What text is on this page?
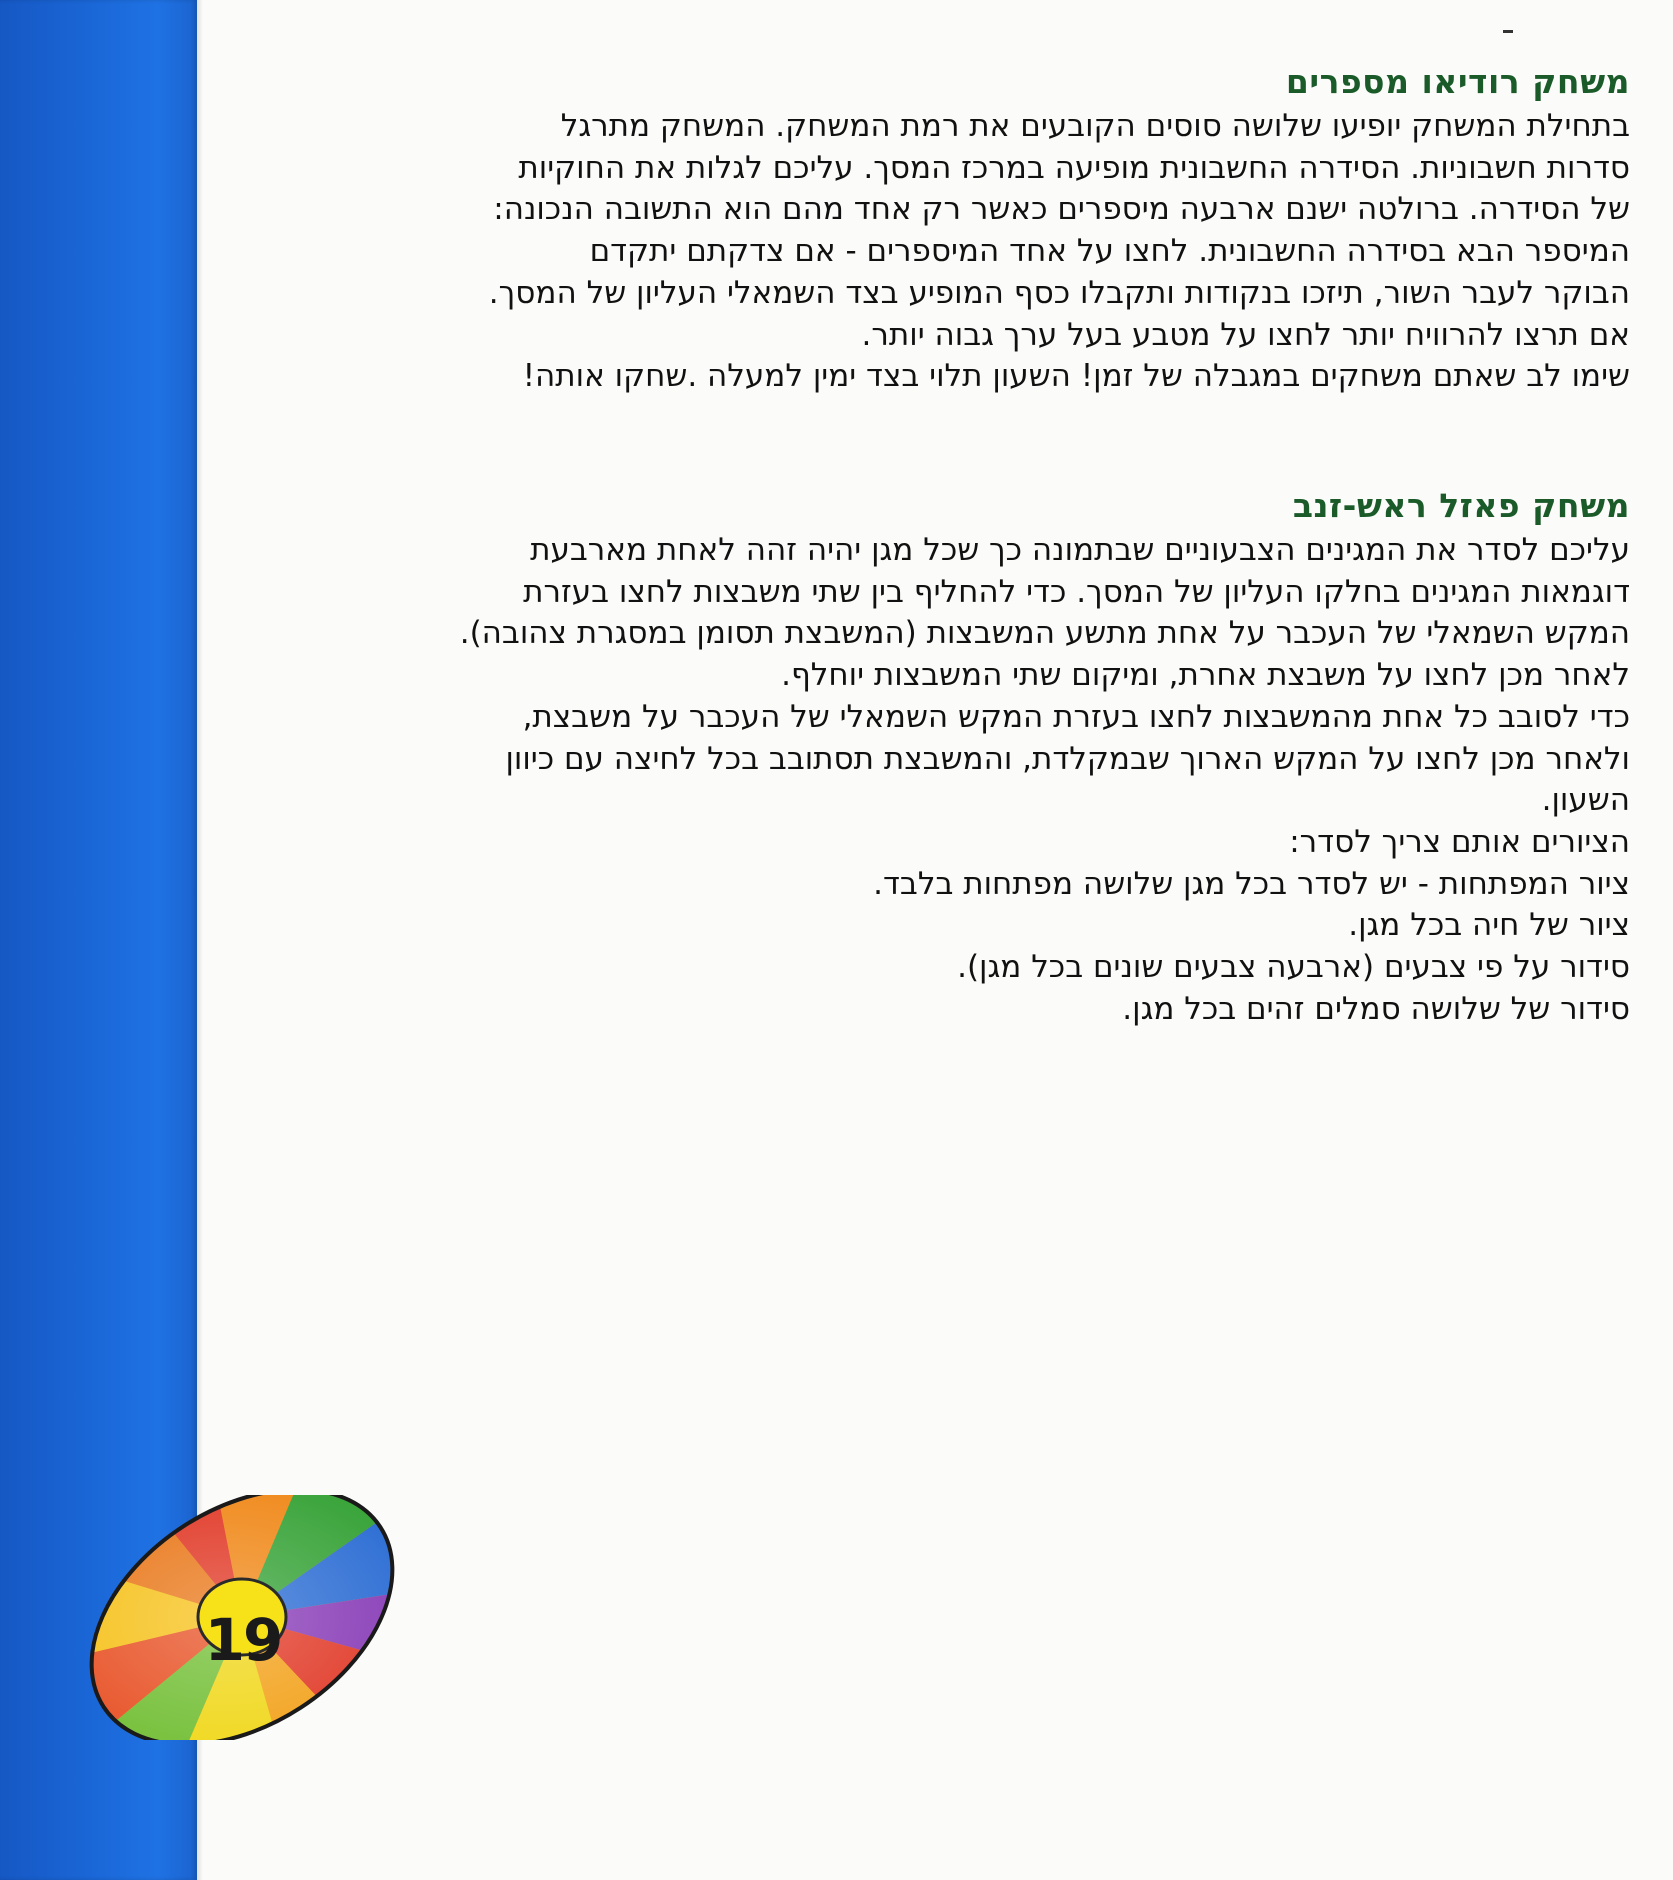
משחק רודיאו מספרים

בתחילת המשחק יופיעו שלושה סוסים הקובעים את רמת המשחק. המשחק מתרגל

סדרות חשבוניות. הסידרה החשבונית מופיעה במרכז המסך. עליכם לגלות את החוקיות

של הסידרה. ברולטה ישנם ארבעה מיספרים כאשר רק אחד מהם הוא התשובה הנכונה:

המיספר הבא בסידרה החשבונית. לחצו על אחד המיספרים - אם צדקתם יתקדם

הבוקר לעבר השור, תיזכו בנקודות ותקבלו כסף המופיע בצד השמאלי העליון של המסך.

אם תרצו להרוויח יותר לחצו על מטבע בעל ערך גבוה יותר.

שימו לב שאתם משחקים במגבלה של זמן! השעון תלוי בצד ימין למעלה .שחקו אותה!

משחק פאזל ראש-זנב

עליכם לסדר את המגינים הצבעוניים שבתמונה כך שכל מגן יהיה זהה לאחת מארבעת

דוגמאות המגינים בחלקו העליון של המסך. כדי להחליף בין שתי משבצות לחצו בעזרת

המקש השמאלי של העכבר על אחת מתשע המשבצות (המשבצת תסומן במסגרת צהובה).

לאחר מכן לחצו על משבצת אחרת, ומיקום שתי המשבצות יוחלף.

כדי לסובב כל אחת מהמשבצות לחצו בעזרת המקש השמאלי של העכבר על משבצת,

ולאחר מכן לחצו על המקש הארוך שבמקלדת, והמשבצת תסתובב בכל לחיצה עם כיוון

השעון.

הציורים אותם צריך לסדר:

ציור המפתחות - יש לסדר בכל מגן שלושה מפתחות בלבד.

ציור של חיה בכל מגן.

סידור על פי צבעים (ארבעה צבעים שונים בכל מגן).

סידור של שלושה סמלים זהים בכל מגן.

19
